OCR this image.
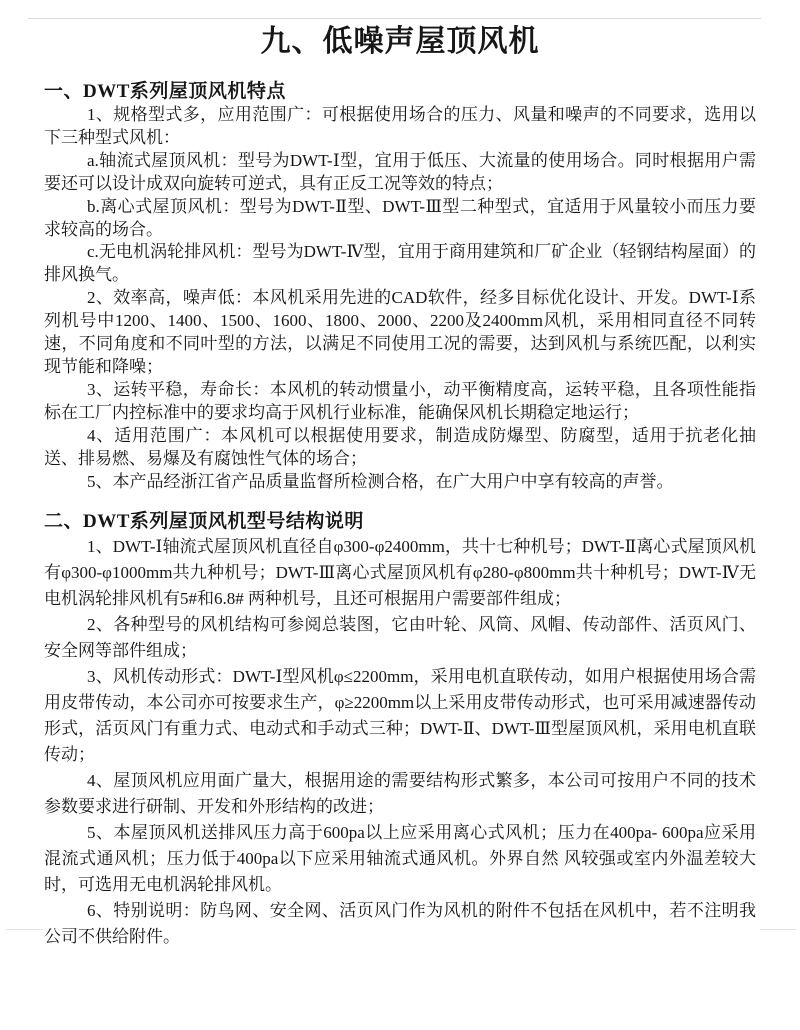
九、低噪声屋顶风机
一、DWT系列屋顶风机特点

1、规格型式多，应用范围广：可根据使用场合的压力、风量和噪声的不同要求，选用以下三种型式风机：

a.轴流式屋顶风机：型号为DWT-Ⅰ型，宜用于低压、大流量的使用场合。同时根据用户需要还可以设计成双向旋转可逆式，具有正反工况等效的特点；

b.离心式屋顶风机：型号为DWT-Ⅱ型、DWT-Ⅲ型二种型式，宜适用于风量较小而压力要求较高的场合。

c.无电机涡轮排风机：型号为DWT-Ⅳ型，宜用于商用建筑和厂矿企业（轻钢结构屋面）的排风换气。

2、效率高，噪声低：本风机采用先进的CAD软件，经多目标优化设计、开发。DWT-Ⅰ系列机号中1200、1400、1500、1600、1800、2000、2200及2400mm风机，采用相同直径不同转速，不同角度和不同叶型的方法，以满足不同使用工况的需要，达到风机与系统匹配，以利实现节能和降噪；

3、运转平稳，寿命长：本风机的转动惯量小，动平衡精度高，运转平稳，且各项性能指标在工厂内控标准中的要求均高于风机行业标准，能确保风机长期稳定地运行；

4、适用范围广：本风机可以根据使用要求，制造成防爆型、防腐型，适用于抗老化抽送、排易燃、易爆及有腐蚀性气体的场合；

5、本产品经浙江省产品质量监督所检测合格，在广大用户中享有较高的声誉。

二、DWT系列屋顶风机型号结构说明

1、DWT-Ⅰ轴流式屋顶风机直径自φ300-φ2400mm，共十七种机号；DWT-Ⅱ离心式屋顶风机有φ300-φ1000mm共九种机号；DWT-Ⅲ离心式屋顶风机有φ280-φ800mm共十种机号；DWT-Ⅳ无电机涡轮排风机有5#和6.8# 两种机号，且还可根据用户需要部件组成；

2、各种型号的风机结构可参阅总装图，它由叶轮、风筒、风帽、传动部件、活页风门、安全网等部件组成；

3、风机传动形式：DWT-Ⅰ型风机φ≤2200mm，采用电机直联传动，如用户根据使用场合需用皮带传动，本公司亦可按要求生产，φ≥2200mm以上采用皮带传动形式，也可采用减速器传动形式，活页风门有重力式、电动式和手动式三种；DWT-Ⅱ、DWT-Ⅲ型屋顶风机，采用电机直联传动；

4、屋顶风机应用面广量大，根据用途的需要结构形式繁多，本公司可按用户不同的技术参数要求进行研制、开发和外形结构的改进；

5、本屋顶风机送排风压力高于600pa以上应采用离心式风机；压力在400pa- 600pa应采用混流式通风机；压力低于400pa以下应采用轴流式通风机。外界自然 风较强或室内外温差较大时，可选用无电机涡轮排风机。

6、特别说明：防鸟网、安全网、活页风门作为风机的附件不包括在风机中，若不注明我公司不供给附件。
